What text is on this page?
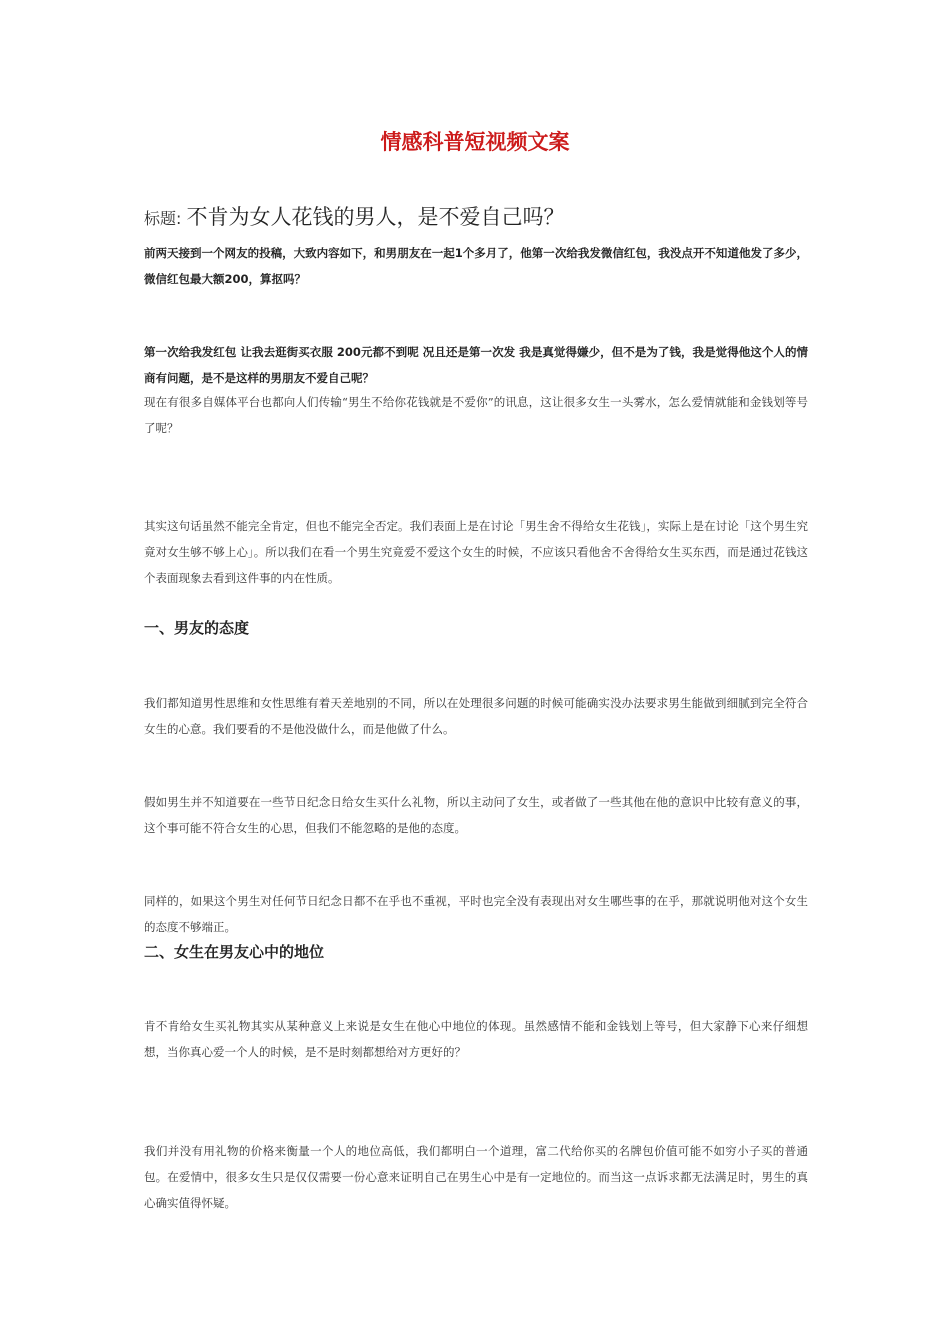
情感科普短视频文案
标题: 不肯为女人花钱的男人，是不爱自己吗？

前两天接到一个网友的投稿，大致内容如下，和男朋友在一起1个多月了，他第一次给我发微信红包，我没点开不知道他发了多少，微信红包最大额200，算抠吗？

第一次给我发红包 让我去逛街买衣服 200元都不到呢 况且还是第一次发 我是真觉得嫌少，但不是为了钱，我是觉得他这个人的情商有问题，是不是这样的男朋友不爱自己呢？

现在有很多自媒体平台也都向人们传输“男生不给你花钱就是不爱你”的讯息，这让很多女生一头雾水，怎么爱情就能和金钱划等号了呢？

其实这句话虽然不能完全肯定，但也不能完全否定。我们表面上是在讨论「男生舍不得给女生花钱」，实际上是在讨论「这个男生究竟对女生够不够上心」。所以我们在看一个男生究竟爱不爱这个女生的时候，不应该只看他舍不舍得给女生买东西，而是通过花钱这个表面现象去看到这件事的内在性质。

一、男友的态度

我们都知道男性思维和女性思维有着天差地别的不同，所以在处理很多问题的时候可能确实没办法要求男生能做到细腻到完全符合女生的心意。我们要看的不是他没做什么，而是他做了什么。

假如男生并不知道要在一些节日纪念日给女生买什么礼物，所以主动问了女生，或者做了一些其他在他的意识中比较有意义的事，这个事可能不符合女生的心思，但我们不能忽略的是他的态度。

同样的，如果这个男生对任何节日纪念日都不在乎也不重视，平时也完全没有表现出对女生哪些事的在乎，那就说明他对这个女生的态度不够端正。

二、女生在男友心中的地位

肯不肯给女生买礼物其实从某种意义上来说是女生在他心中地位的体现。虽然感情不能和金钱划上等号，但大家静下心来仔细想想，当你真心爱一个人的时候，是不是时刻都想给对方更好的？

我们并没有用礼物的价格来衡量一个人的地位高低，我们都明白一个道理，富二代给你买的名牌包价值可能不如穷小子买的普通包。在爱情中，很多女生只是仅仅需要一份心意来证明自己在男生心中是有一定地位的。而当这一点诉求都无法满足时，男生的真心确实值得怀疑。
